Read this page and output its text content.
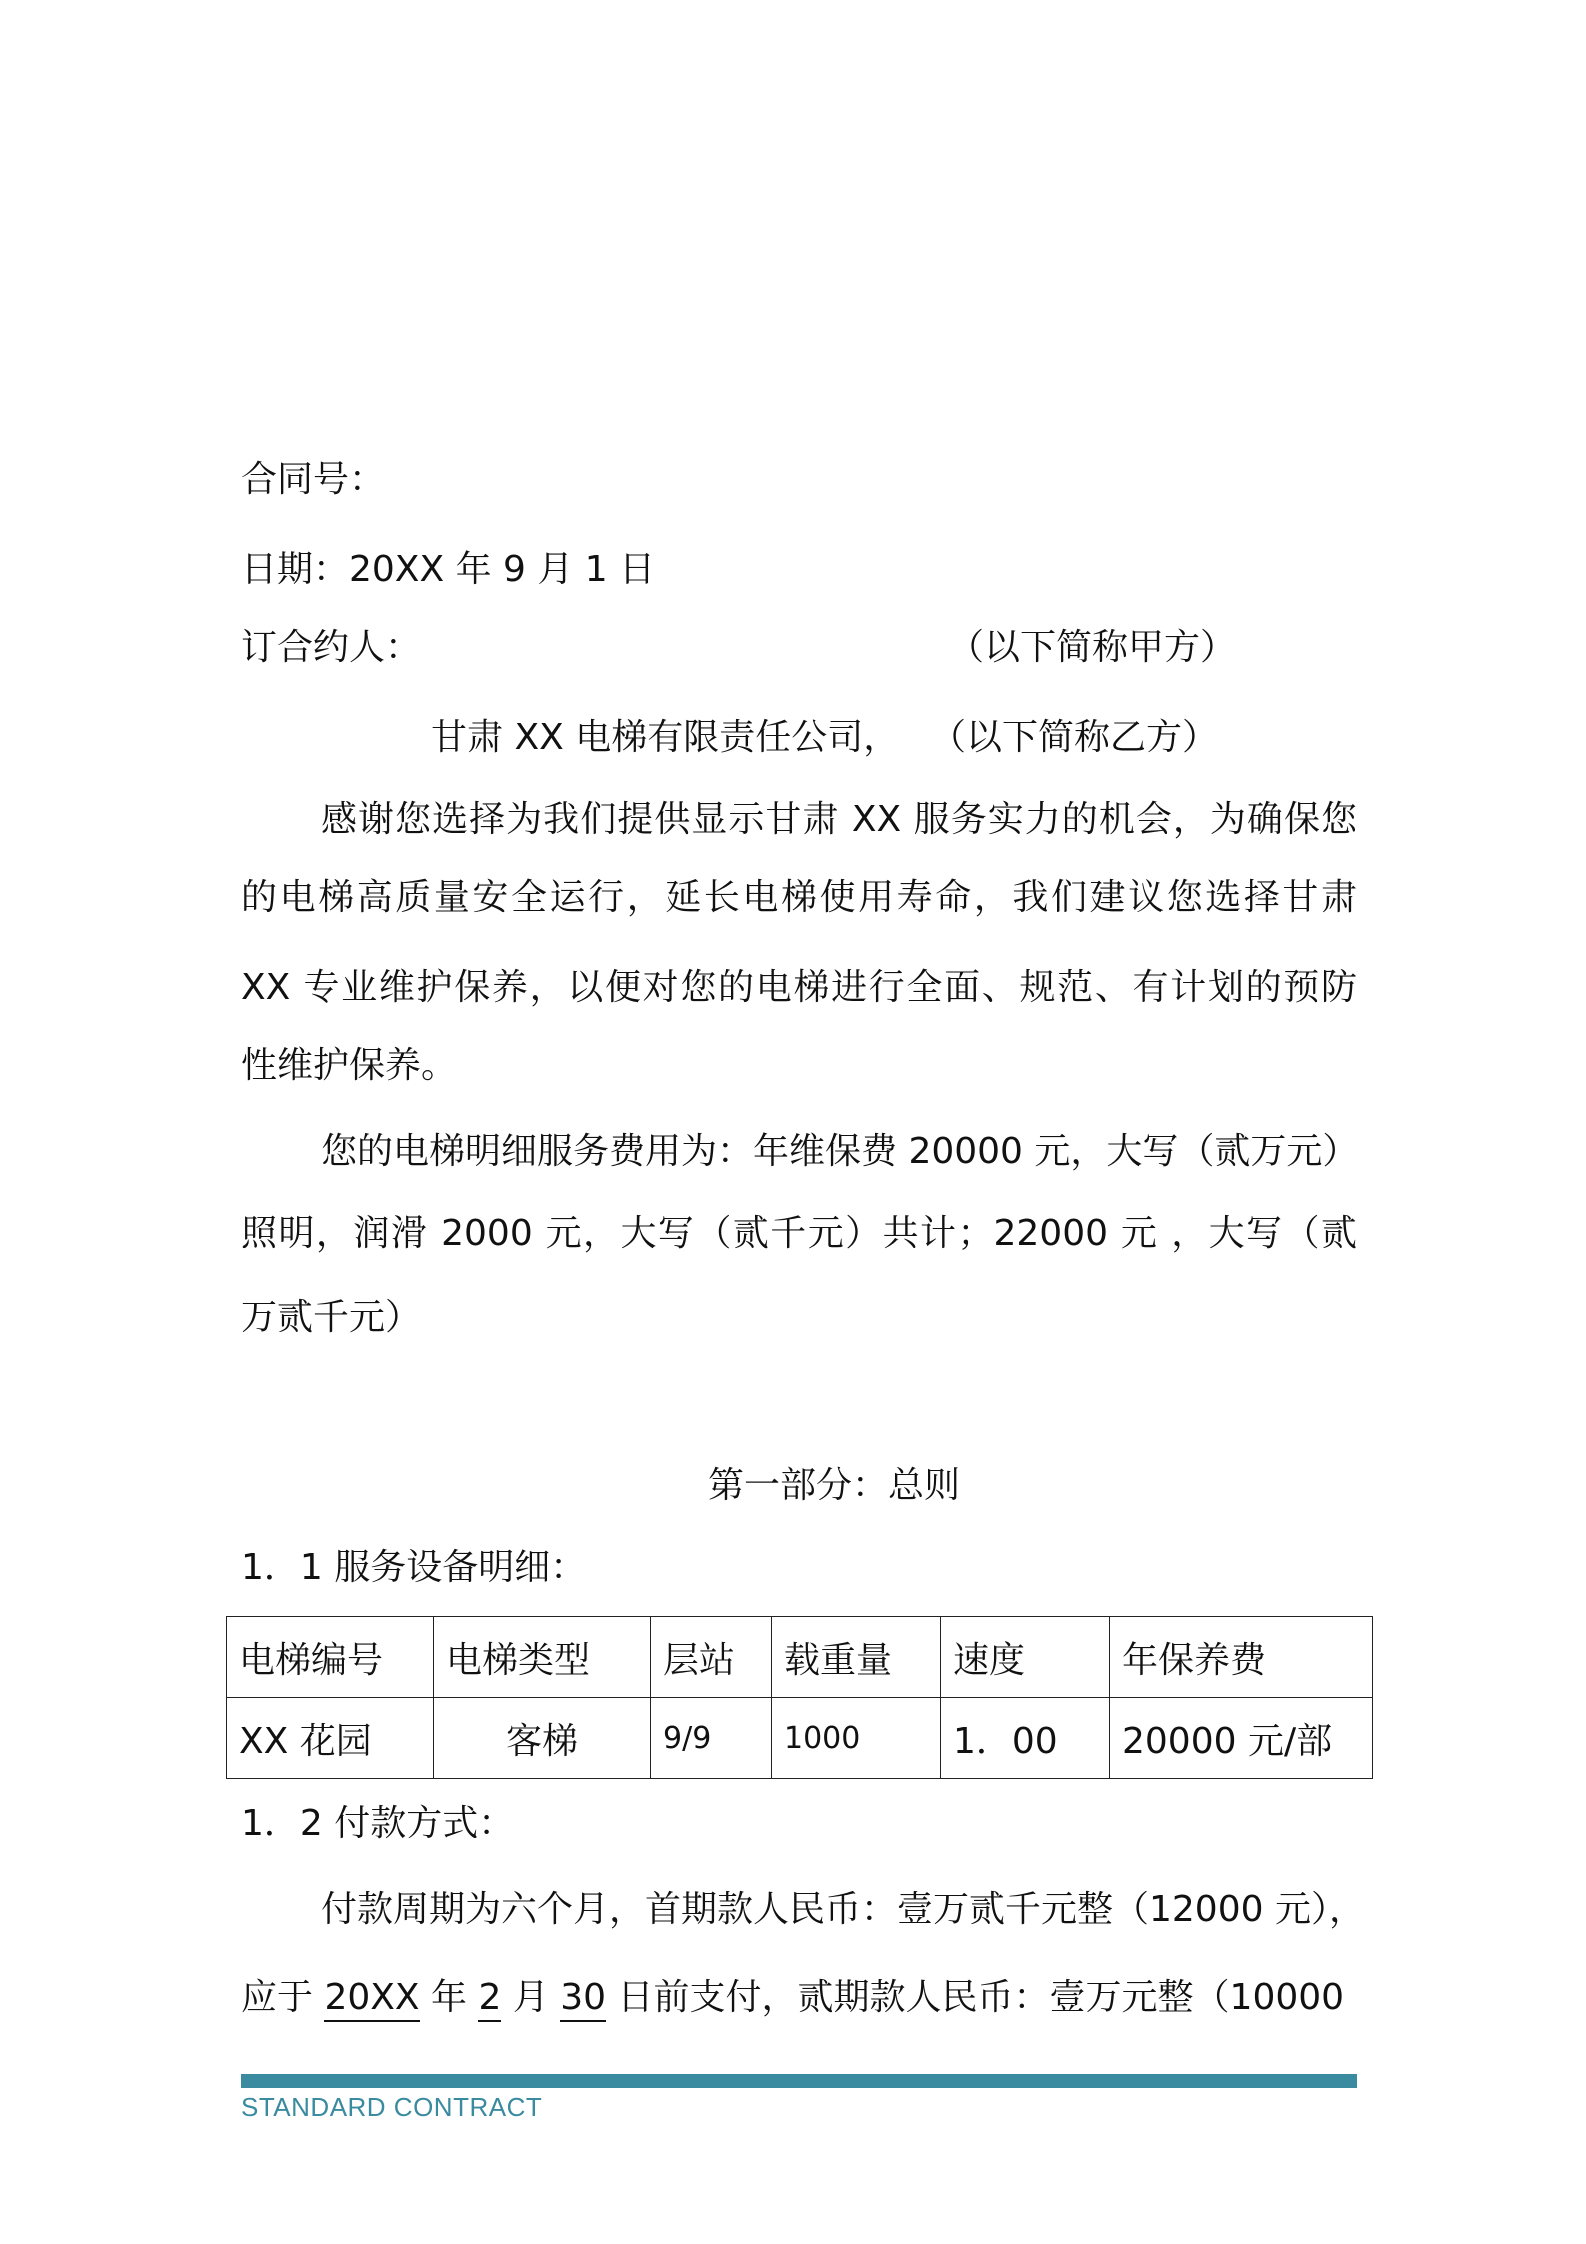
合同号：
日期：20XX 年 9 月 1 日
订合约人：	（以下简称甲方）
甘肃 XX 电梯有限责任公司， （以下简称乙方）
感谢您选择为我们提供显示甘肃 XX 服务实力的机会，为确保您
的电梯高质量安全运行，延长电梯使用寿命，我们建议您选择甘肃
XX 专业维护保养，以便对您的电梯进行全面、规范、有计划的预防
性维护保养。
您的电梯明细服务费用为：年维保费 20000 元，大写（贰万元）
照明，润滑 2000 元，大写（贰千元）共计；22000 元 ，大写（贰
万贰千元）
第一部分：总则
1．1 服务设备明细：
电梯编号	电梯类型	层站	载重量	速度	年保养费
XX 花园	客梯	9/9	1000	1．00	20000 元/部
1．2 付款方式：
付款周期为六个月，首期款人民币：壹万贰千元整（12000 元），
应于 20XX 年 2 月 30 日前支付，贰期款人民币：壹万元整（10000
STANDARD CONTRACT
